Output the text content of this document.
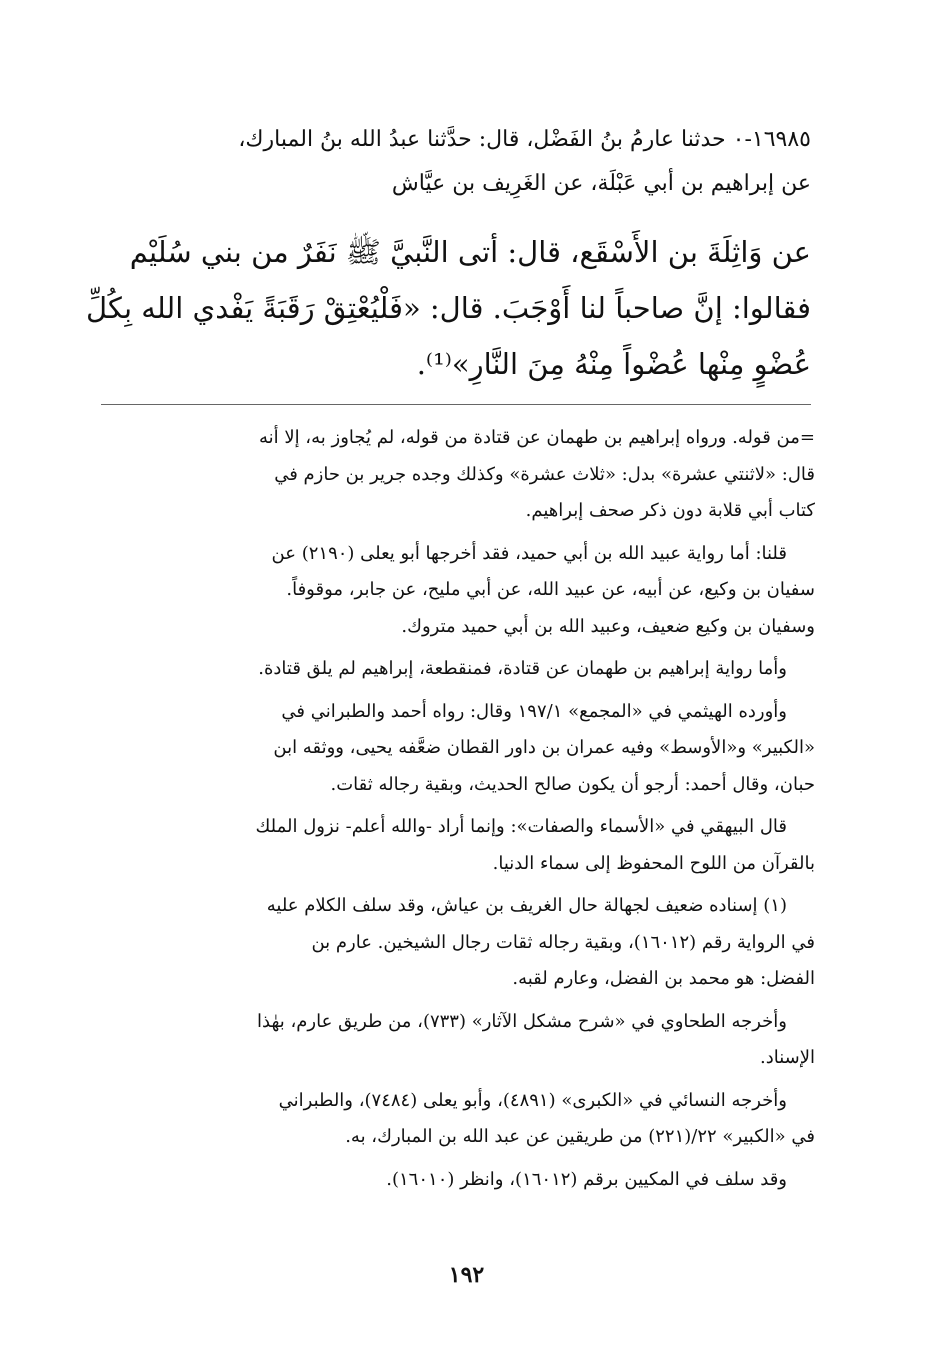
١٦٩٨٥-٠ حدثنا عارمُ بنُ الفَضْل، قال: حدَّثنا عبدُ الله بنُ المبارك،

عن إبراهيم بن أبي عَبْلَة، عن الغَرِيف بن عيَّاش

عن وَاثِلَةَ بن الأَسْقَع، قال: أتى النَّبيَّ ﷺ نَفَرٌ من بني سُلَيْم

فقالوا: إنَّ صاحباً لنا أَوْجَبَ. قال: «فَلْيُعْتِقْ رَقَبَةً يَفْدي الله بِكُلِّ

عُضْوٍ مِنْها عُضْواً مِنْهُ مِنَ النَّارِ»⁽¹⁾.

=من قوله. ورواه إبراهيم بن طهمان عن قتادة من قوله، لم يُجاوز به، إلا أنه

قال: «لاثنتي عشرة» بدل: «ثلاث عشرة» وكذلك وجده جرير بن حازم في

كتاب أبي قلابة دون ذكر صحف إبراهيم.

قلنا: أما رواية عبيد الله بن أبي حميد، فقد أخرجها أبو يعلى (٢١٩٠) عن

سفيان بن وكيع، عن أبيه، عن عبيد الله، عن أبي مليح، عن جابر، موقوفاً.

وسفيان بن وكيع ضعيف، وعبيد الله بن أبي حميد متروك.

وأما رواية إبراهيم بن طهمان عن قتادة، فمنقطعة، إبراهيم لم يلق قتادة.

وأورده الهيثمي في «المجمع» ١٩٧/١ وقال: رواه أحمد والطبراني في

«الكبير» و«الأوسط» وفيه عمران بن داور القطان ضعَّفه يحيى، ووثقه ابن

حبان، وقال أحمد: أرجو أن يكون صالح الحديث، وبقية رجاله ثقات.

قال البيهقي في «الأسماء والصفات»: وإنما أراد -والله أعلم- نزول الملك

بالقرآن من اللوح المحفوظ إلى سماء الدنيا.

(١) إسناده ضعيف لجهالة حال الغريف بن عياش، وقد سلف الكلام عليه

في الرواية رقم (١٦٠١٢)، وبقية رجاله ثقات رجال الشيخين. عارم بن

الفضل: هو محمد بن الفضل، وعارم لقبه.

وأخرجه الطحاوي في «شرح مشكل الآثار» (٧٣٣)، من طريق عارم، بهٰذا

الإسناد.

وأخرجه النسائي في «الكبرى» (٤٨٩١)، وأبو يعلى (٧٤٨٤)، والطبراني

في «الكبير» ٢٢/(٢٢١) من طريقين عن عبد الله بن المبارك، به.

وقد سلف في المكيين برقم (١٦٠١٢)، وانظر (١٦٠١٠).

١٩٢
